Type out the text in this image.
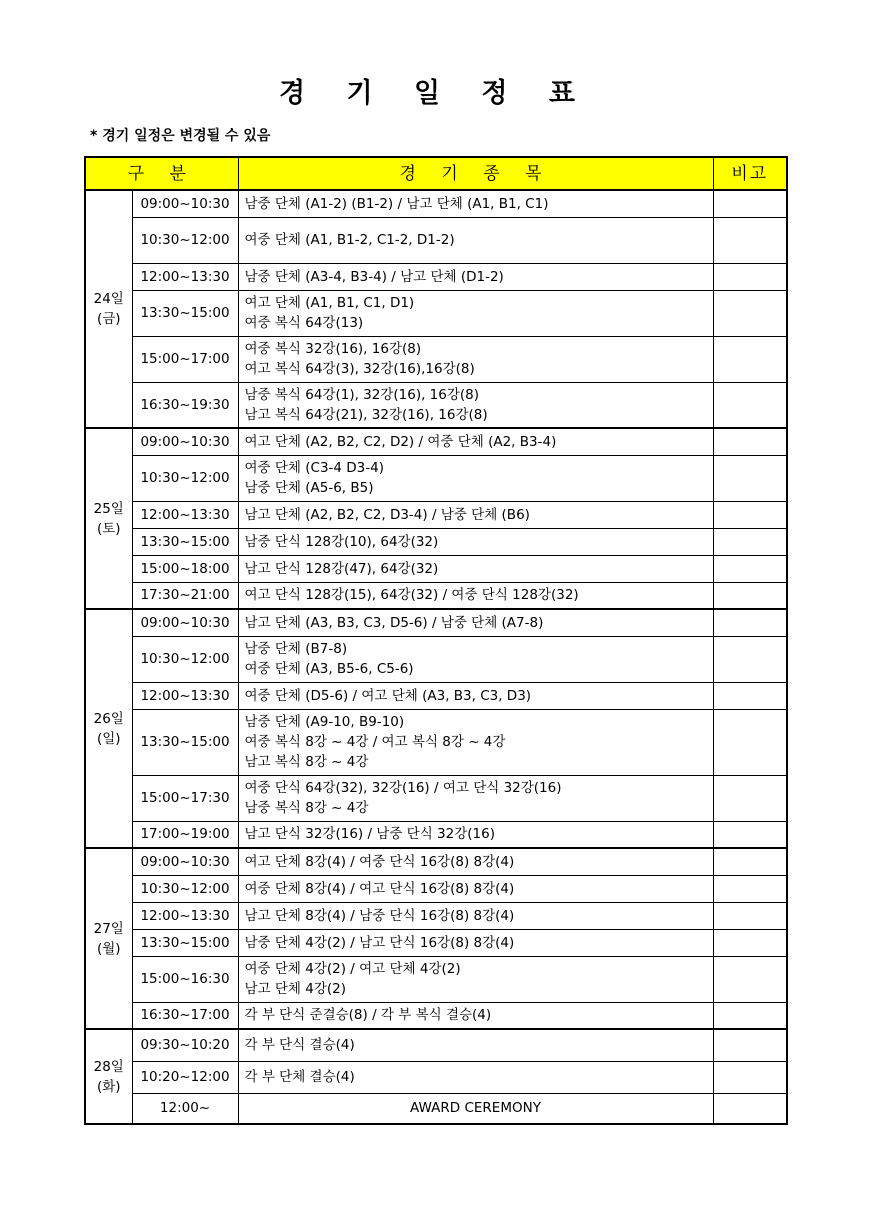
경 기 일 정 표
* 경기 일정은 변경될 수 있음
구 분		경 기 종 목	비고

24일
(금)	09:00~10:30	남중 단체 (A1-2) (B1-2) / 남고 단체 (A1, B1, C1)	

	10:30~12:00	여중 단체 (A1, B1-2, C1-2, D1-2)	

	12:00~13:30	남중 단체 (A3-4, B3-4) / 남고 단체 (D1-2)	

	13:30~15:00	여고 단체 (A1, B1, C1, D1)
여중 복식 64강(13)	

	15:00~17:00	여중 복식 32강(16), 16강(8)
여고 복식 64강(3), 32강(16),16강(8)	

	16:30~19:30	남중 복식 64강(1), 32강(16), 16강(8)
남고 복식 64강(21), 32강(16), 16강(8)	

25일
(토)	09:00~10:30	여고 단체 (A2, B2, C2, D2) / 여중 단체 (A2, B3-4)	

	10:30~12:00	여중 단체 (C3-4 D3-4)
남중 단체 (A5-6, B5)	

	12:00~13:30	남고 단체 (A2, B2, C2, D3-4) / 남중 단체 (B6)	

	13:30~15:00	남중 단식 128강(10), 64강(32)	

	15:00~18:00	남고 단식 128강(47), 64강(32)	

	17:30~21:00	여고 단식 128강(15), 64강(32) / 여중 단식 128강(32)	

26일
(일)	09:00~10:30	남고 단체 (A3, B3, C3, D5-6) / 남중 단체 (A7-8)	

	10:30~12:00	남중 단체 (B7-8)
여중 단체 (A3, B5-6, C5-6)	

	12:00~13:30	여중 단체 (D5-6) / 여고 단체 (A3, B3, C3, D3)	

	13:30~15:00	남중 단체 (A9-10, B9-10)
여중 복식 8강 ~ 4강 / 여고 복식 8강 ~ 4강
남고 복식 8강 ~ 4강	

	15:00~17:30	여중 단식 64강(32), 32강(16) / 여고 단식 32강(16)
남중 복식 8강 ~ 4강	

	17:00~19:00	남고 단식 32강(16) / 남중 단식 32강(16)	

27일
(월)	09:00~10:30	여고 단체 8강(4) / 여중 단식 16강(8) 8강(4)	

	10:30~12:00	여중 단체 8강(4) / 여고 단식 16강(8) 8강(4)	

	12:00~13:30	남고 단체 8강(4) / 남중 단식 16강(8) 8강(4)	

	13:30~15:00	남중 단체 4강(2) / 남고 단식 16강(8) 8강(4)	

	15:00~16:30	여중 단체 4강(2) / 여고 단체 4강(2)
남고 단체 4강(2)	

	16:30~17:00	각 부 단식 준결승(8) / 각 부 복식 결승(4)	

28일
(화)	09:30~10:20	각 부 단식 결승(4)	

	10:20~12:00	각 부 단체 결승(4)	

	12:00~	AWARD CEREMONY	
